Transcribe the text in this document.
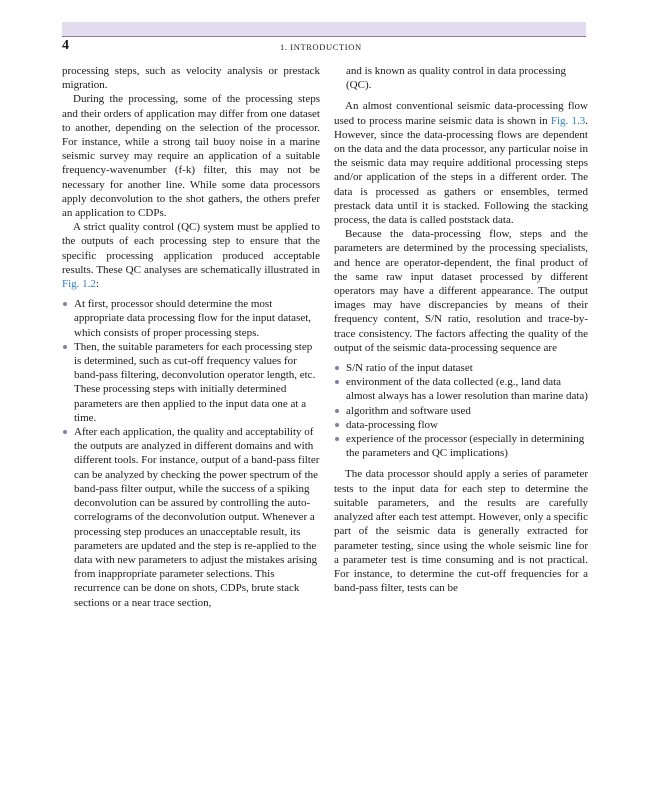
4	1. INTRODUCTION

processing steps, such as velocity analysis or prestack migration.

During the processing, some of the processing steps and their orders of application may differ from one dataset to another, depending on the selection of the processor. For instance, while a strong tail buoy noise in a marine seismic survey may require an application of a suitable frequency-wavenumber (f-k) filter, this may not be necessary for another line. While some data processors apply deconvolution to the shot gathers, the others prefer an application to CDPs.

A strict quality control (QC) system must be applied to the outputs of each processing step to ensure that the specific processing application produced acceptable results. These QC analyses are schematically illustrated in Fig. 1.2:

At first, processor should determine the most appropriate data processing flow for the input dataset, which consists of proper processing steps.
Then, the suitable parameters for each processing step is determined, such as cut-off frequency values for band-pass filtering, deconvolution operator length, etc. These processing steps with initially determined parameters are then applied to the input data one at a time.
After each application, the quality and acceptability of the outputs are analyzed in different domains and with different tools. For instance, output of a band-pass filter can be analyzed by checking the power spectrum of the band-pass filter output, while the success of a spiking deconvolution can be assured by controlling the auto-correlograms of the deconvolution output. Whenever a processing step produces an unacceptable result, its parameters are updated and the step is re-applied to the data with new parameters to adjust the mistakes arising from inappropriate parameter selections. This recurrence can be done on shots, CDPs, brute stack sections or a near trace section,

and is known as quality control in data processing (QC).

An almost conventional seismic data-processing flow used to process marine seismic data is shown in Fig. 1.3. However, since the data-processing flows are dependent on the data and the data processor, any particular noise in the seismic data may require additional processing steps and/or application of the steps in a different order. The data is processed as gathers or ensembles, termed prestack data until it is stacked. Following the stacking process, the data is called poststack data.

Because the data-processing flow, steps and the parameters are determined by the processing specialists, and hence are operator-dependent, the final product of the same raw input dataset processed by different operators may have a different appearance. The output images may have discrepancies by means of their frequency content, S/N ratio, resolution and trace-by-trace consistency. The factors affecting the quality of the output of the seismic data-processing sequence are

S/N ratio of the input dataset
environment of the data collected (e.g., land data almost always has a lower resolution than marine data)
algorithm and software used
data-processing flow
experience of the processor (especially in determining the parameters and QC implications)

The data processor should apply a series of parameter tests to the input data for each step to determine the suitable parameters, and the results are carefully analyzed after each test attempt. However, only a specific part of the seismic data is generally extracted for parameter testing, since using the whole seismic line for a parameter test is time consuming and is not practical. For instance, to determine the cut-off frequencies for a band-pass filter, tests can be
